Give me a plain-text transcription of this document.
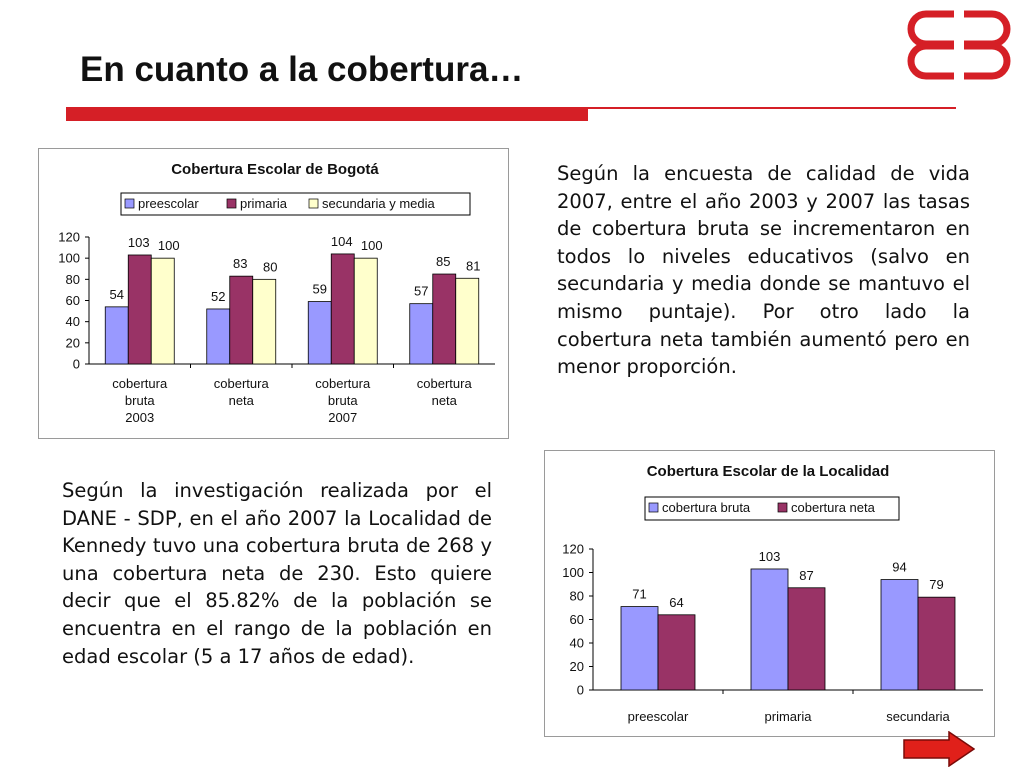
En cuanto a la cobertura…
Cobertura Escolar de Bogotá
preescolar	primaria	secundaria y media
0
20
40
60
80
100
120
54
103 100
cobertura
bruta
2003
52
83 80
cobertura
neta
59
104 100
cobertura
bruta
2007
57
85 81
cobertura
neta

Según la encuesta de calidad de vida 2007, entre el año 2003 y 2007 las tasas de cobertura bruta se incrementaron en todos lo niveles educativos (salvo en secundaria y media donde se mantuvo el mismo puntaje). Por otro lado la cobertura neta también aumentó pero en menor proporción.

Según la investigación realizada por el DANE - SDP, en el año 2007 la Localidad de Kennedy tuvo una cobertura bruta de 268 y una cobertura neta de 230. Esto quiere decir que el 85.82% de la población se encuentra en el rango de la población en edad escolar (5 a 17 años de edad).

Cobertura Escolar de la Localidad
cobertura bruta	cobertura neta
0
20
40
60
80
100
120
71
64
preescolar
103
87
primaria
94
79
secundaria
